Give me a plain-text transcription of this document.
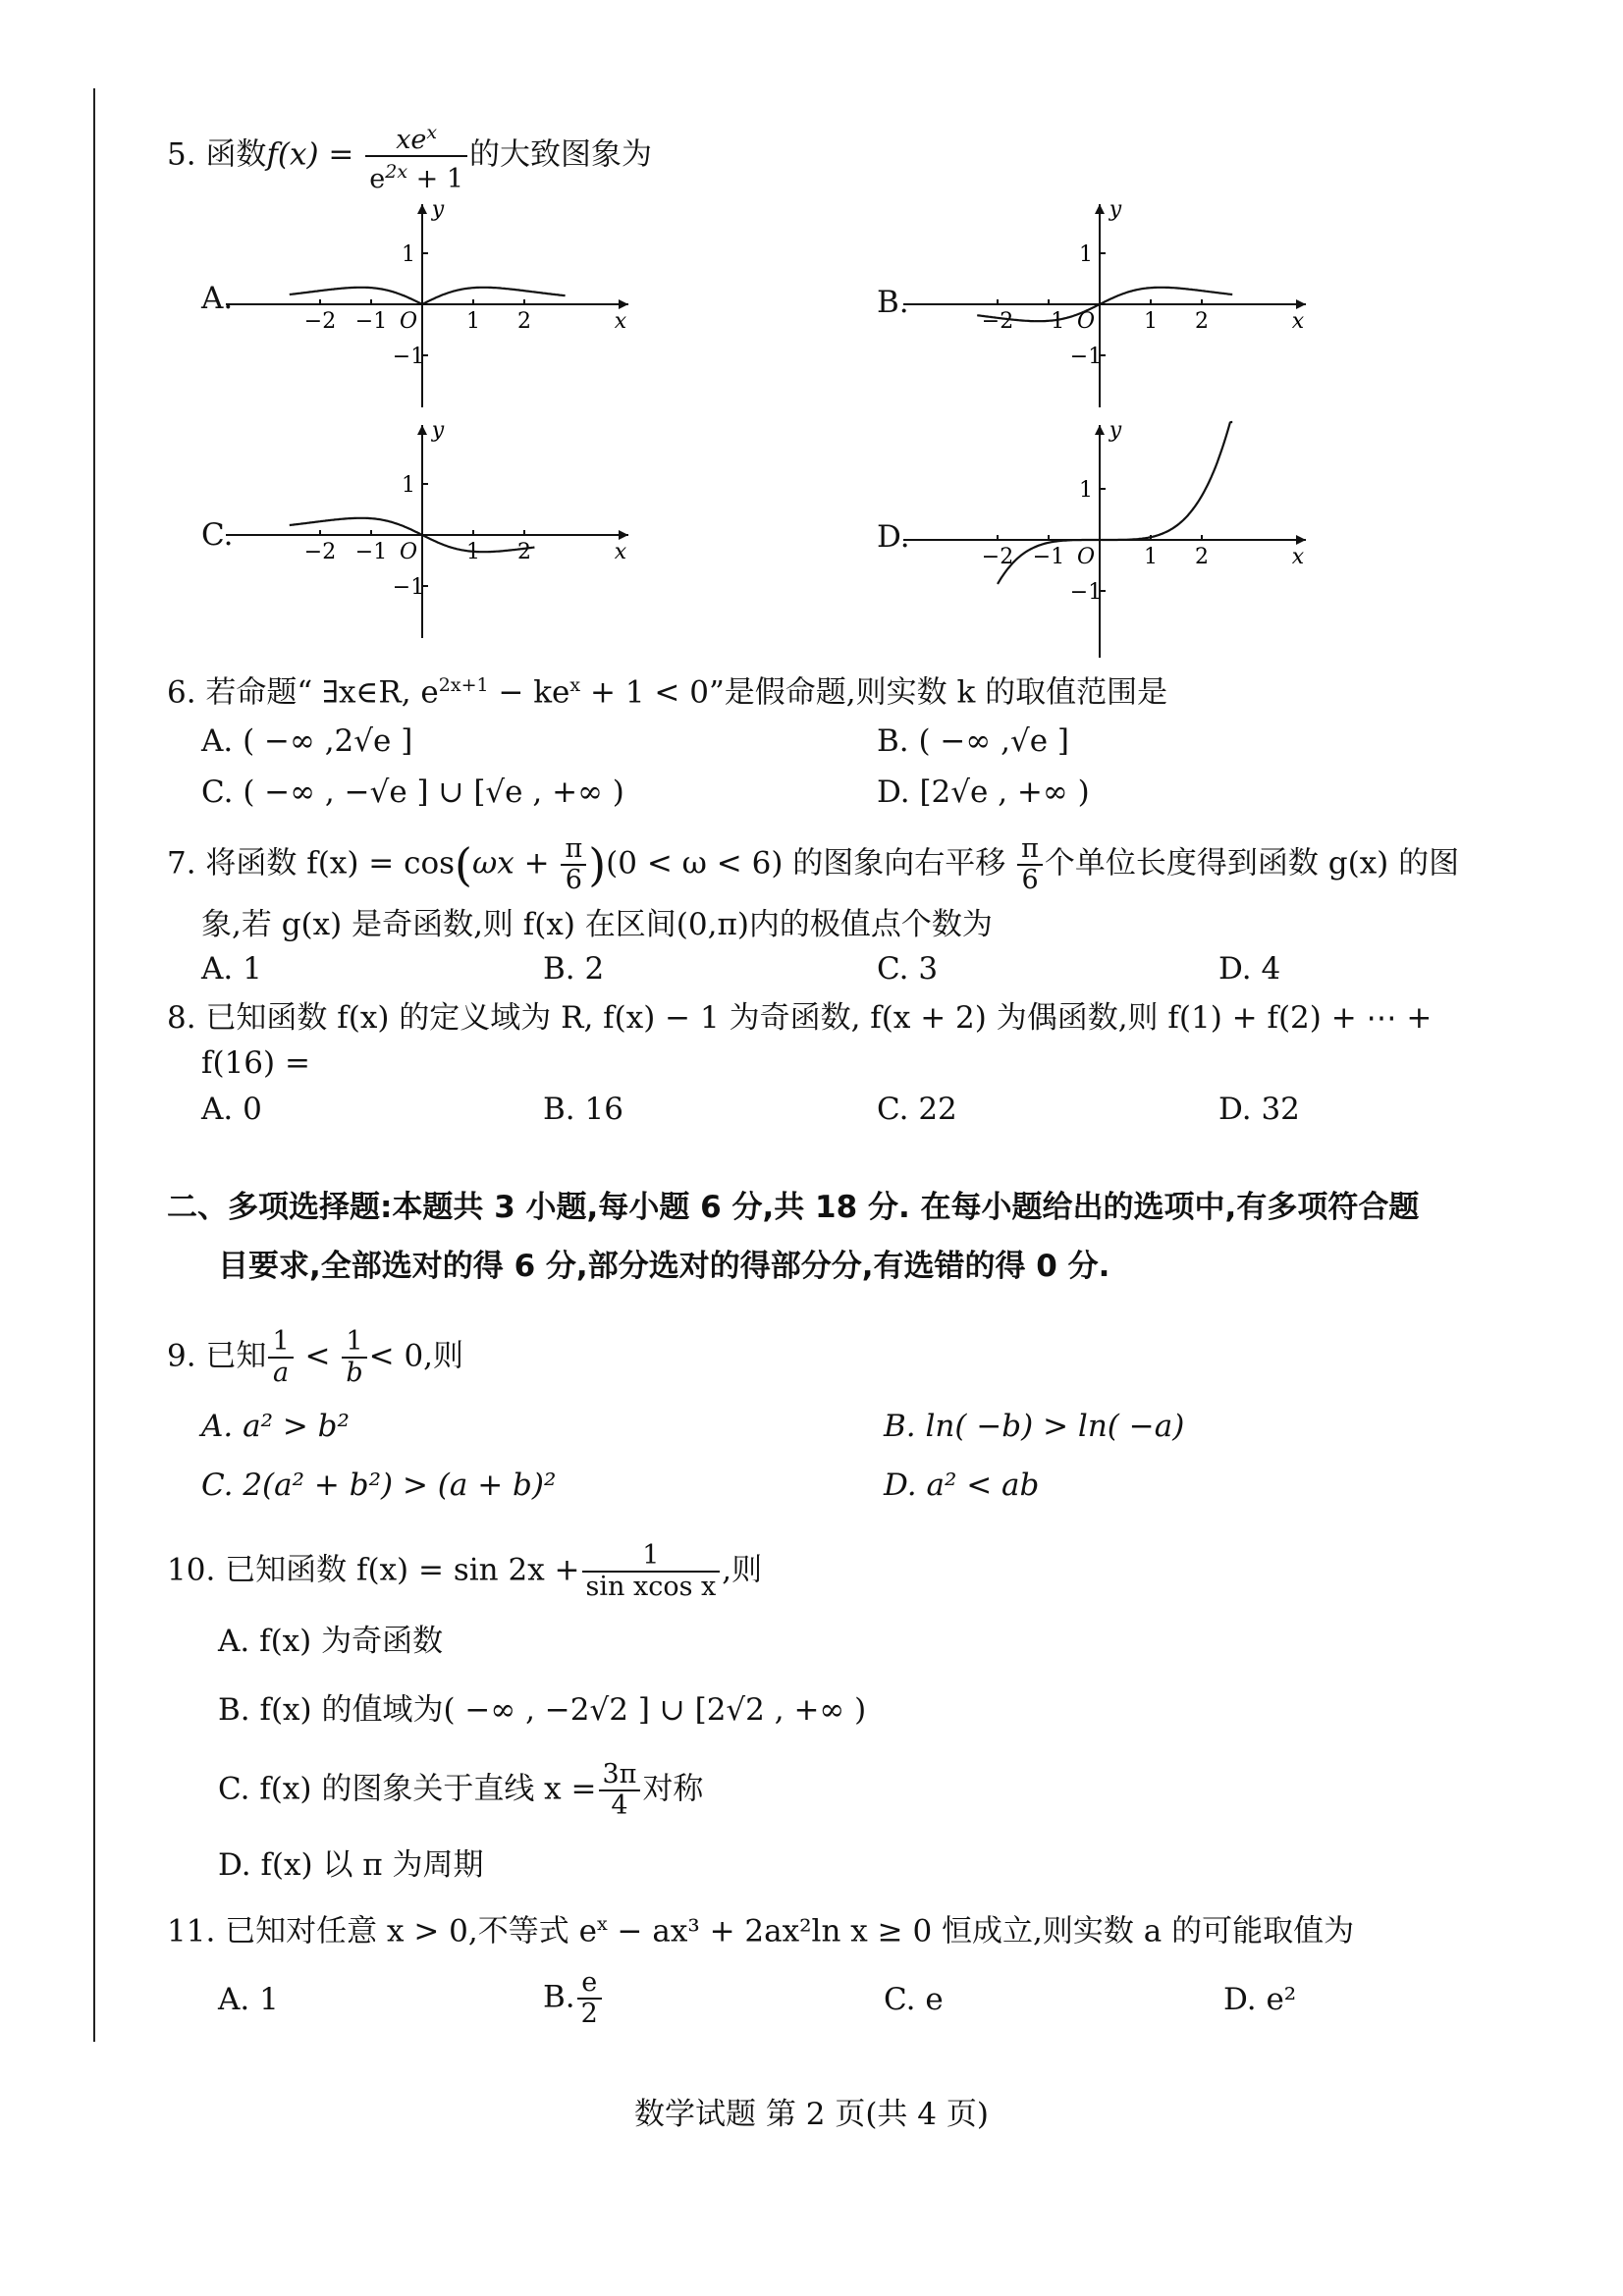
5. 函数$f(x) = \frac{xe^x}{e^{2x} + 1}$ 的大致图象为
x
y
O
−2 −1	1 2
1
−1
x
y
O
−2 −1	1 2
1
−1
x
y
O
−2 −1	1 2
1
−1
x
y
O
−2 −1	1 2
1
−1
A.	B.
C.	D.
6. 若命题“ ∃x∈R, $e^{2x+1} - ke^x + 1 < 0$”是假命题,则实数 k 的取值范围是
A. ( −∞ ,2√e ]	B. ( −∞ ,√e ]
C. ( −∞ , −√e ] ∪ [√e , +∞ )	D. [2√e , +∞ )
7. 将函数 $f(x) = \cos(\omega x + \frac{\pi}{6} )(0 < \omega < 6)$ 的图象向右平移 $\frac{\pi}{6}$ 个单位长度得到函数 g(x) 的图
象,若 g(x) 是奇函数,则 f(x) 在区间(0,π)内的极值点个数为
A. 1	B. 2	C. 3	D. 4
8. 已知函数 f(x) 的定义域为 R, f(x) − 1 为奇函数, f(x + 2) 为偶函数,则 f(1) + f(2) + ⋯ +
f(16) =
A. 0	B. 16	C. 22	D. 32
二、多项选择题:本题共 3 小题,每小题 6 分,共 18 分. 在每小题给出的选项中,有多项符合题
目要求,全部选对的得 6 分,部分选对的得部分分,有选错的得 0 分.
9. 已知 $\frac{1}{a} < \frac{1}{b} < 0$,则
A. a² > b²	B. ln( −b) > ln( −a)
C. 2(a² + b²) > (a + b)²	D. a² < ab
10. 已知函数 $f(x) = \sin 2x + \frac{1}{\text{sin xcos x}}$ ,则
A. f(x) 为奇函数
B. f(x) 的值域为( −∞ , −2√2 ] ∪ [2√2 , +∞ )
C. f(x) 的图象关于直线 $x = \frac{3\pi}{4}$ 对称
D. f(x) 以 π 为周期
11. 已知对任意 x > 0,不等式 $e^x - ax^3 + 2ax^2\ln$ x ≥ 0 恒成立,则实数 a 的可能取值为
A. 1	B. $\frac{e}{2}$	C. e	D. e²
数学试题 第 2 页(共 4 页)
